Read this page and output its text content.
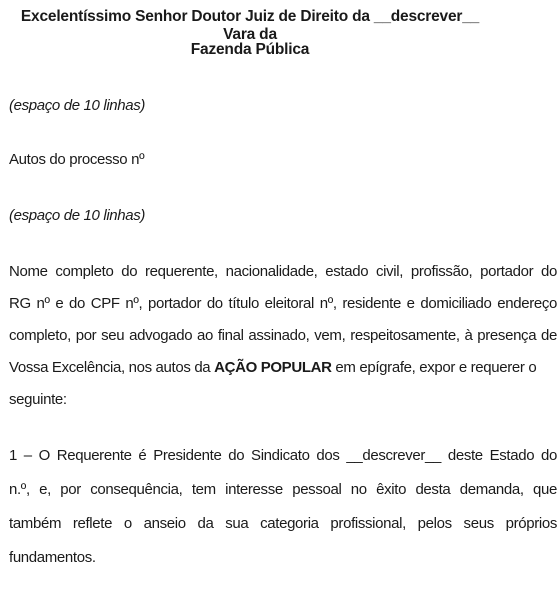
Excelentíssimo Senhor Doutor Juiz de Direito da __descrever__ Vara da
Fazenda Pública
(espaço de 10 linhas)
Autos do processo nº
(espaço de 10 linhas)
Nome completo do requerente, nacionalidade, estado civil, profissão, portador do
RG nº e do CPF nº, portador do título eleitoral nº, residente e domiciliado endereço
completo, por seu advogado ao final assinado, vem, respeitosamente, à presença de
Vossa Excelência, nos autos da AÇÃO POPULAR em epígrafe, expor e requerer o
seguinte:
1 – O Requerente é Presidente do Sindicato dos __descrever__ deste Estado do
n.º, e, por consequência, tem interesse pessoal no êxito desta demanda, que
também reflete o anseio da sua categoria profissional, pelos seus próprios
fundamentos.
